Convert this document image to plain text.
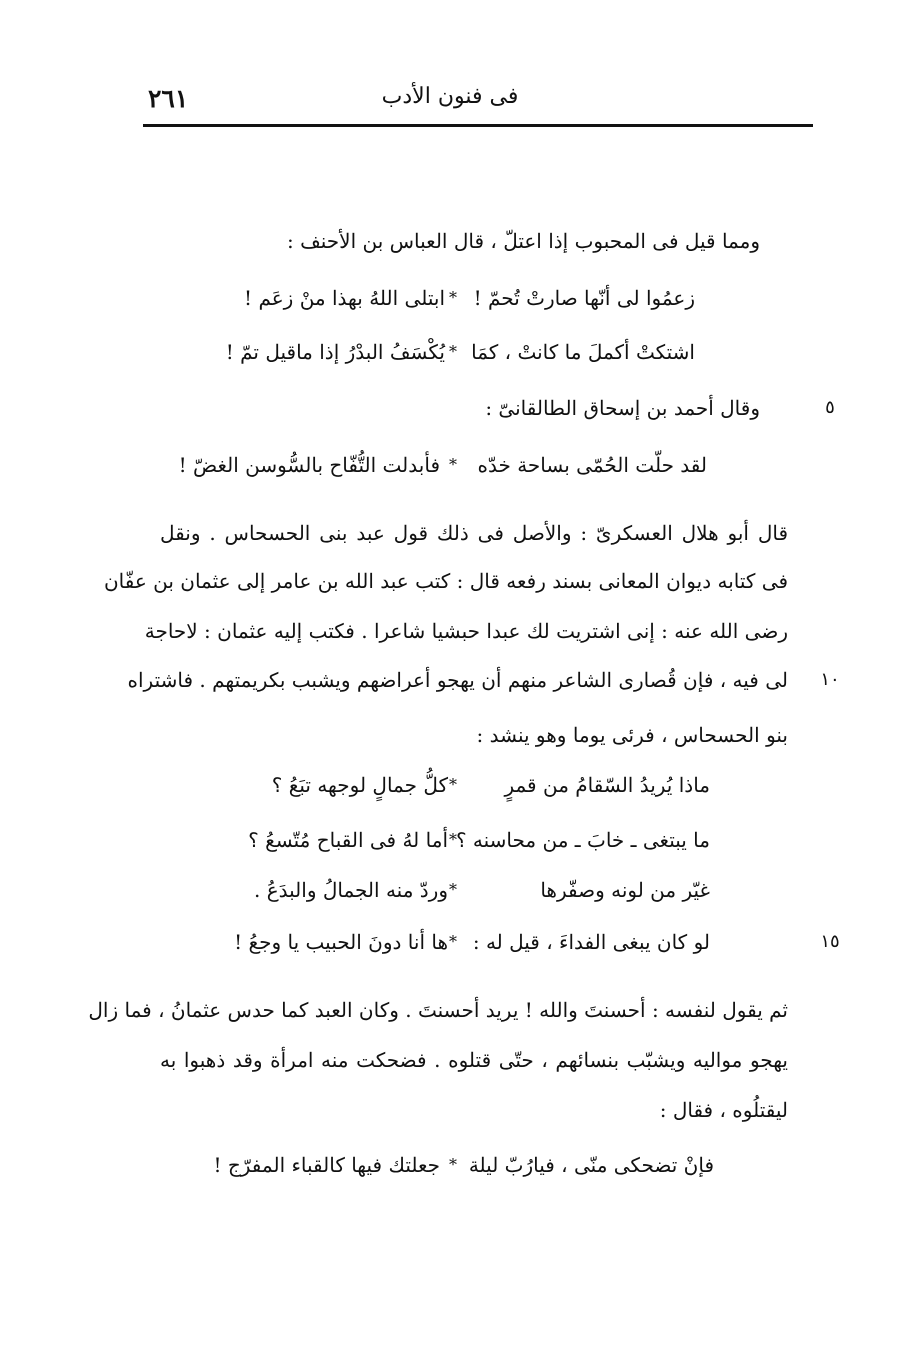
٢٦١	فى فنون الأدب
ومما قيل فى المحبوب إذا اعتلّ ، قال العباس بن الأحنف :
زعمُوا لى أنّها صارتْ تُحمّ !
*
ابتلى اللهُ بهذا منْ زعَم !
اشتكتْ أكملَ ما كانتْ ، كمَا
*
يُكْسَفُ البدْرُ إذا ماقيل تمّ !
وقال أحمد بن إسحاق الطالقانىّ :	٥
لقد حلّت الحُمّى بساحة خدّه
*
فأبدلت التُّفّاح بالسُّوسن الغضّ !
قال أبو هلال العسكرىّ : والأصل فى ذلك قول عبد بنى الحسحاس . ونقل
فى كتابه ديوان المعانى بسند رفعه قال : كتب عبد الله بن عامر إلى عثمان بن عفّان
رضى الله عنه : إنى اشتريت لك عبدا حبشيا شاعرا . فكتب إليه عثمان : لاحاجة
لى فيه ، فإن قُصارى الشاعر منهم أن يهجو أعراضهم ويشبب بكريمتهم . فاشتراه	١٠
بنو الحسحاس ، فرئى يوما وهو ينشد :
ماذا يُريدُ السّقامُ من قمرٍ
*
كلُّ جمالٍ لوجهه تبَعُ ؟
ما يبتغى ـ خابَ ـ من محاسنه ؟
*
أما لهُ فى القباح مُتّسعُ ؟
غيّر من لونه وصفّرها
*
وردّ منه الجمالُ والبدَعُ .
لو كان يبغى الفداءَ ، قيل له :
*
ها أنا دونَ الحبيب يا وجعُ !	١٥
ثم يقول لنفسه : أحسنتَ والله ! يريد أحسنتَ . وكان العبد كما حدس عثمانُ ، فما زال
يهجو مواليه ويشبّب بنسائهم ، حتّى قتلوه . فضحكت منه امرأة وقد ذهبوا به
ليقتلُوه ، فقال :
فإنْ تضحكى منّى ، فيارُبّ ليلة
*
جعلتك فيها كالقباء المفرّج !
